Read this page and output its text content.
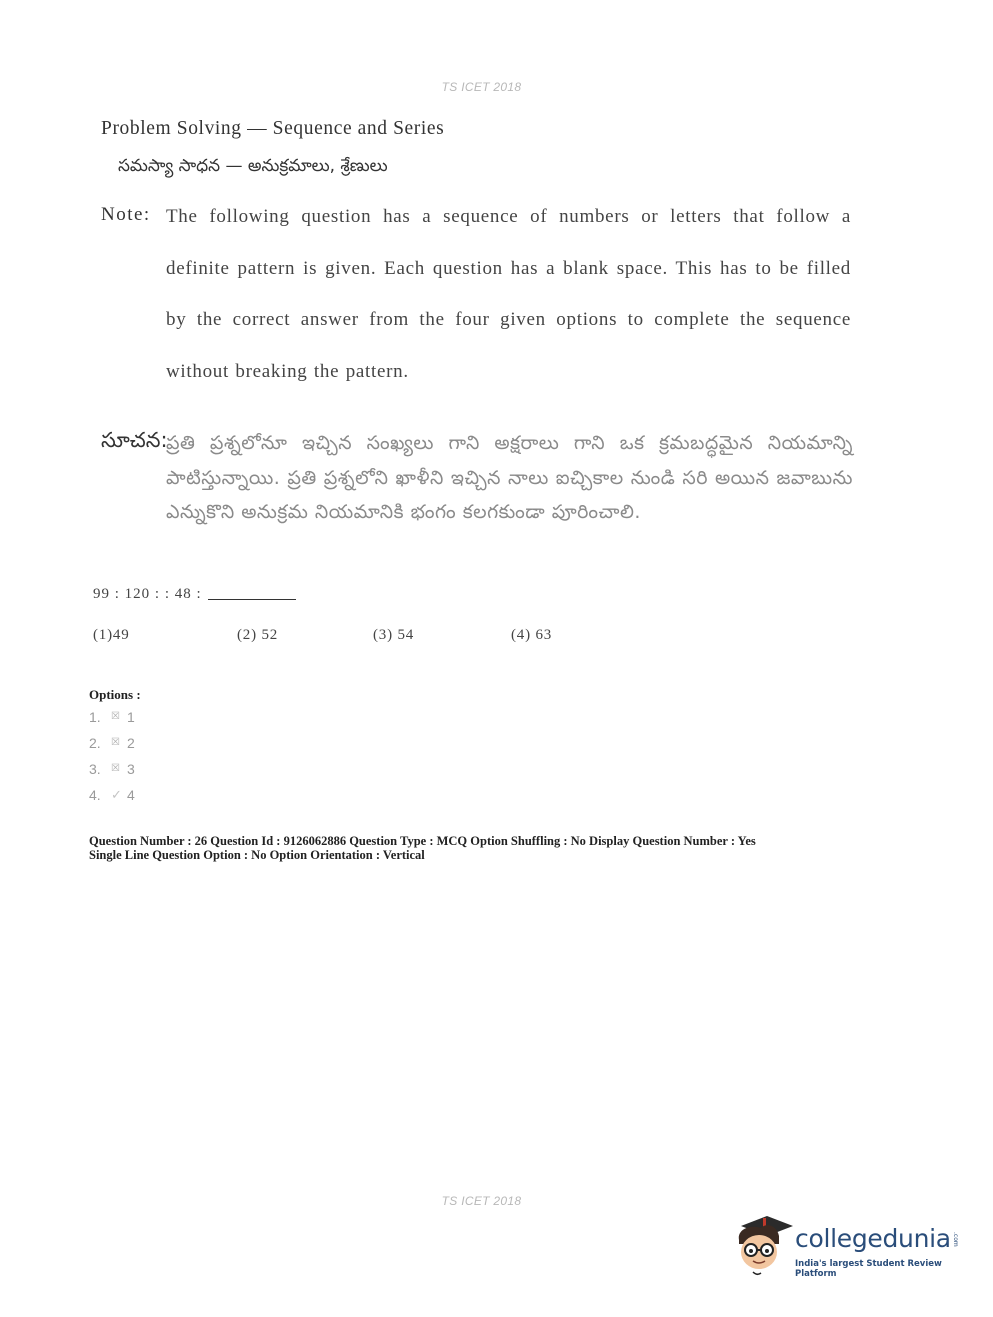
TS ICET 2018
Problem Solving — Sequence and Series
సమస్యా సాధన — అనుక్రమాలు, శ్రేణులు
Note: The following question has a sequence of numbers or letters that follow a definite pattern is given. Each question has a blank space. This has to be filled by the correct answer from the four given options to complete the sequence without breaking the pattern.
సూచన:
ప్రతి ప్రశ్నలోనూ ఇచ్చిన సంఖ్యలు గాని అక్షరాలు గాని ఒక క్రమబద్ధమైన నియమాన్ని పాటిస్తున్నాయి. ప్రతి ప్రశ్నలోని ఖాళీని ఇచ్చిన నాలు ఐచ్చికాల నుండి సరి అయిన జవాబును ఎన్నుకొని అనుక్రమ నియమానికి భంగం కలగకుండా పూరించాలి.
99 : 120 : : 48 :
(1)49	(2) 52	(3) 54	(4) 63
Options :
1. ☒ 1
2. ☒ 2
3. ☒ 3
4. ✓ 4
Question Number : 26 Question Id : 9126062886 Question Type : MCQ Option Shuffling : No Display Question Number : Yes
Single Line Question Option : No Option Orientation : Vertical
TS ICET 2018
collegedunia .com
India's largest Student Review Platform
